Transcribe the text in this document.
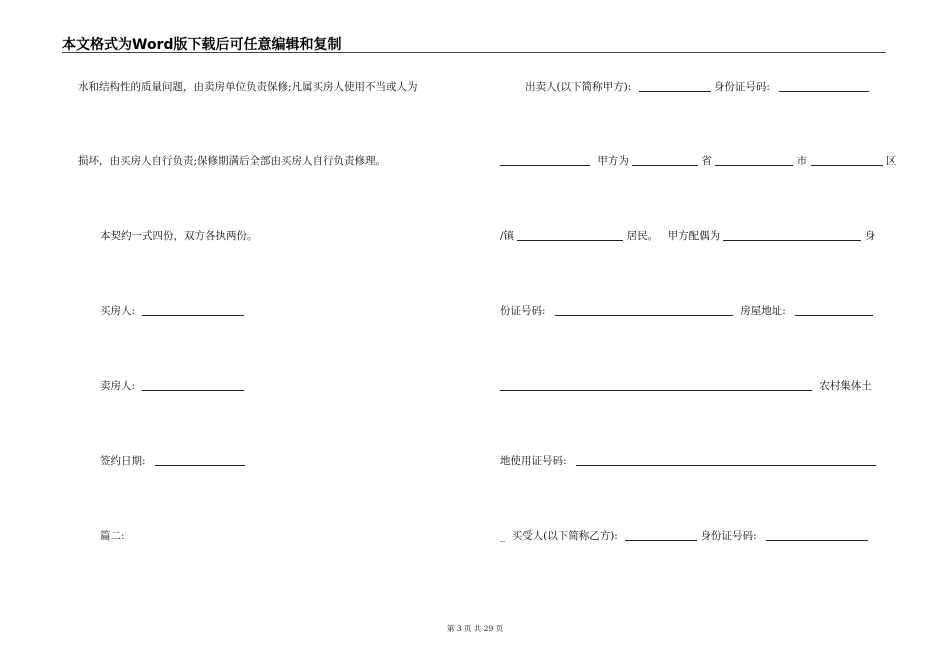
本文格式为Word版下载后可任意编辑和复制
水和结构性的质量问题，由卖房单位负责保修;凡属买房人使用不当或人为
损坏，由买房人自行负责;保修期满后全部由买房人自行负责修理。
本契约一式四份，双方各执两份。
买房人:
卖房人:
签约日期:
篇二:
出卖人(以下简称甲方):	身份证号码:
甲方为	省	市	区
/镇	居民。 甲方配偶为	身
份证号码:	房屋地址:
农村集体土
地使用证号码:
_ 买受人(以下简称乙方):	身份证号码:
第 3 页 共 29 页
